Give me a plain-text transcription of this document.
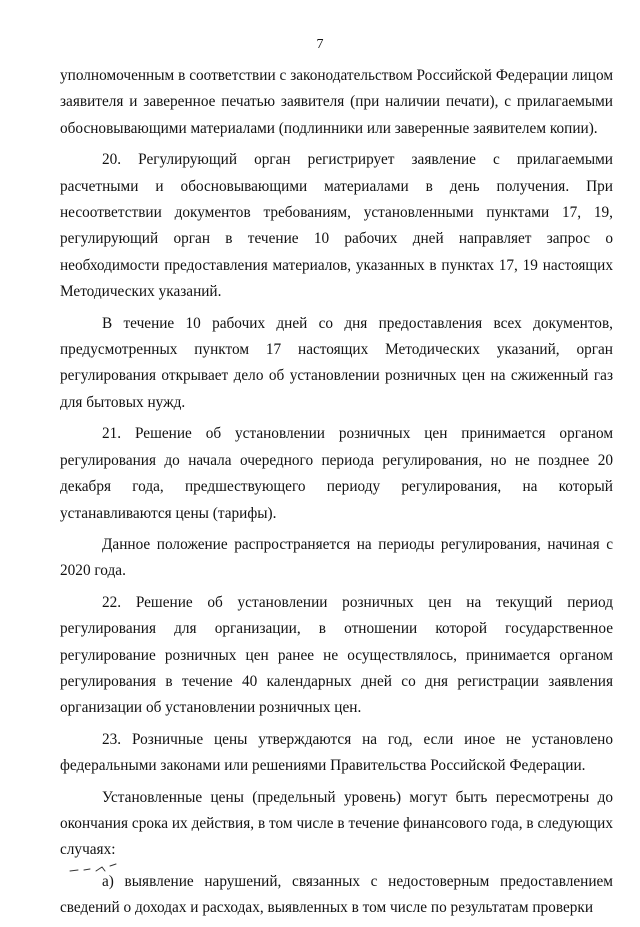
7

уполномоченным в соответствии с законодательством Российской Федерации лицом заявителя и заверенное печатью заявителя (при наличии печати), с прилагаемыми обосновывающими материалами (подлинники или заверенные заявителем копии).

20. Регулирующий орган регистрирует заявление с прилагаемыми расчетными и обосновывающими материалами в день получения. При несоответствии документов требованиям, установленными пунктами 17, 19, регулирующий орган в течение 10 рабочих дней направляет запрос о необходимости предоставления материалов, указанных в пунктах 17, 19 настоящих Методических указаний.

В течение 10 рабочих дней со дня предоставления всех документов, предусмотренных пунктом 17 настоящих Методических указаний, орган регулирования открывает дело об установлении розничных цен на сжиженный газ для бытовых нужд.

21. Решение об установлении розничных цен принимается органом регулирования до начала очередного периода регулирования, но не позднее 20 декабря года, предшествующего периоду регулирования, на который устанавливаются цены (тарифы).

Данное положение распространяется на периоды регулирования, начиная с 2020 года.

22. Решение об установлении розничных цен на текущий период регулирования для организации, в отношении которой государственное регулирование розничных цен ранее не осуществлялось, принимается органом регулирования в течение 40 календарных дней со дня регистрации заявления организации об установлении розничных цен.

23. Розничные цены утверждаются на год, если иное не установлено федеральными законами или решениями Правительства Российской Федерации.

Установленные цены (предельный уровень) могут быть пересмотрены до окончания срока их действия, в том числе в течение финансового года, в следующих случаях:

а) выявление нарушений, связанных с недостоверным предоставлением сведений о доходах и расходах, выявленных в том числе по результатам проверки
